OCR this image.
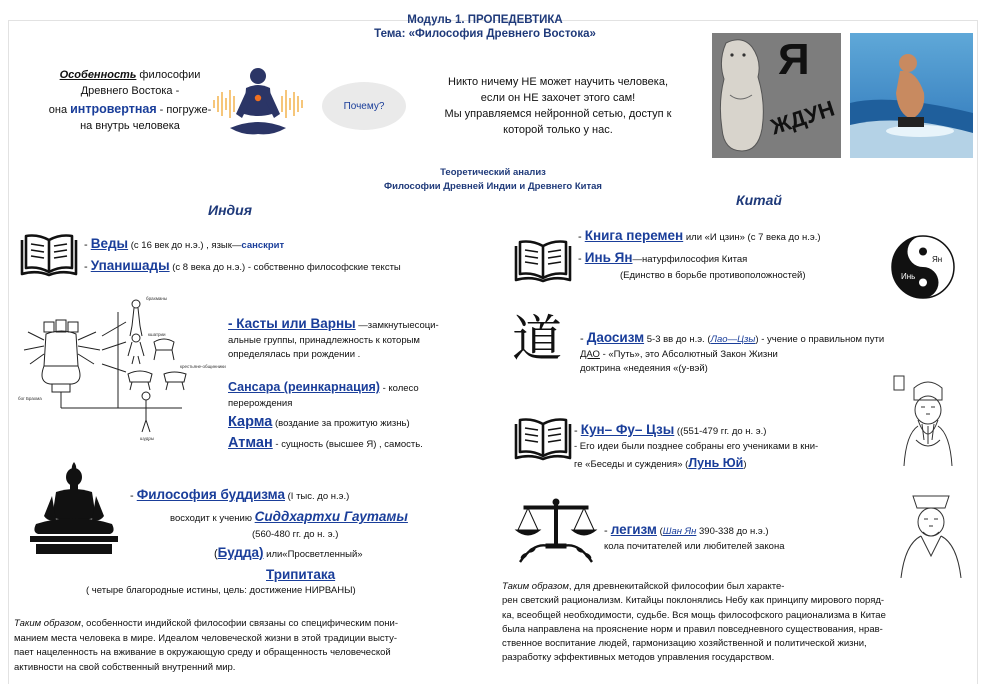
Модуль 1. ПРОПЕДЕВТИКА
Тема: «Философия Древнего Востока»
Особенность философии
Древнего Востока -
она интровертная - погруже-
на внутрь человека
Почему?
Никто ничему НЕ может научить человека,
если он НЕ захочет этого сам!
Мы управляемся нейронной сетью, доступ к
которой только у нас.
Я
ЖДУН
Теоретический анализ
Философии Древней Индии и Древнего Китая
Индия
Китай
- Веды (с 16 век до н.э.) , язык—санскрит
- Упанишады (с 8 века до н.э.) - собственно философские тексты
брахманы
кшатрии
крестьяне-общинники
шудры
бог Брахма
- Касты или Варны —замкнутыесоци-
альные группы, принадлежность к которым
определялась при рождении .
Сансара (реинкарнация) - колесо
перерождения
Карма (воздание за прожитую жизнь)
Атман - сущность (высшее Я) , самость.
- Философия буддизма (I тыс. до н.э.)
восходит к учению Сиддхартхи Гаутамы
(560-480 гг. до н. э.)
(Будда) или«Просветленный»
Трипитака
( четыре благородные истины, цель: достижение НИРВАНЫ)
Таким образом, особенности индийской философии связаны со специфическим пони-
манием места человека в мире. Идеалом человеческой жизни в этой традиции высту-
пает нацеленность на вживание в окружающую среду и обращенность человеческой
активности на свой собственный внутренний мир.
- Книга перемен или «И цзин» (с 7 века до н.э.)
- Инь Ян—натурфилософия Китая
(Единство в борьбе противоположностей)	Инь
Ян
道 - Даосизм 5-3 вв до н.э. (Лао—Цзы) - учение о правильном пути
ДАО - «Путь», это Абсолютный Закон Жизни
доктрина «недеяния «(у-вэй)
- Кун– Фу– Цзы ((551-479 гг. до н. э.)
- Его идеи были позднее собраны его учениками в кни-
ге «Беседы и суждения» (Лунь Юй)
- легизм (Шан Ян 390-338 до н.э.)
кола почитателей или любителей закона
Таким образом, для древнекитайской философии был характе-
рен светский рационализм. Китайцы поклонялись Небу как принципу мирового поряд-
ка, всеобщей необходимости, судьбе. Вся мощь философского рационализма в Китае
была направлена на прояснение норм и правил повседневного существования, нрав-
ственное воспитание людей, гармонизацию хозяйственной и политической жизни,
разработку эффективных методов управления государством.
